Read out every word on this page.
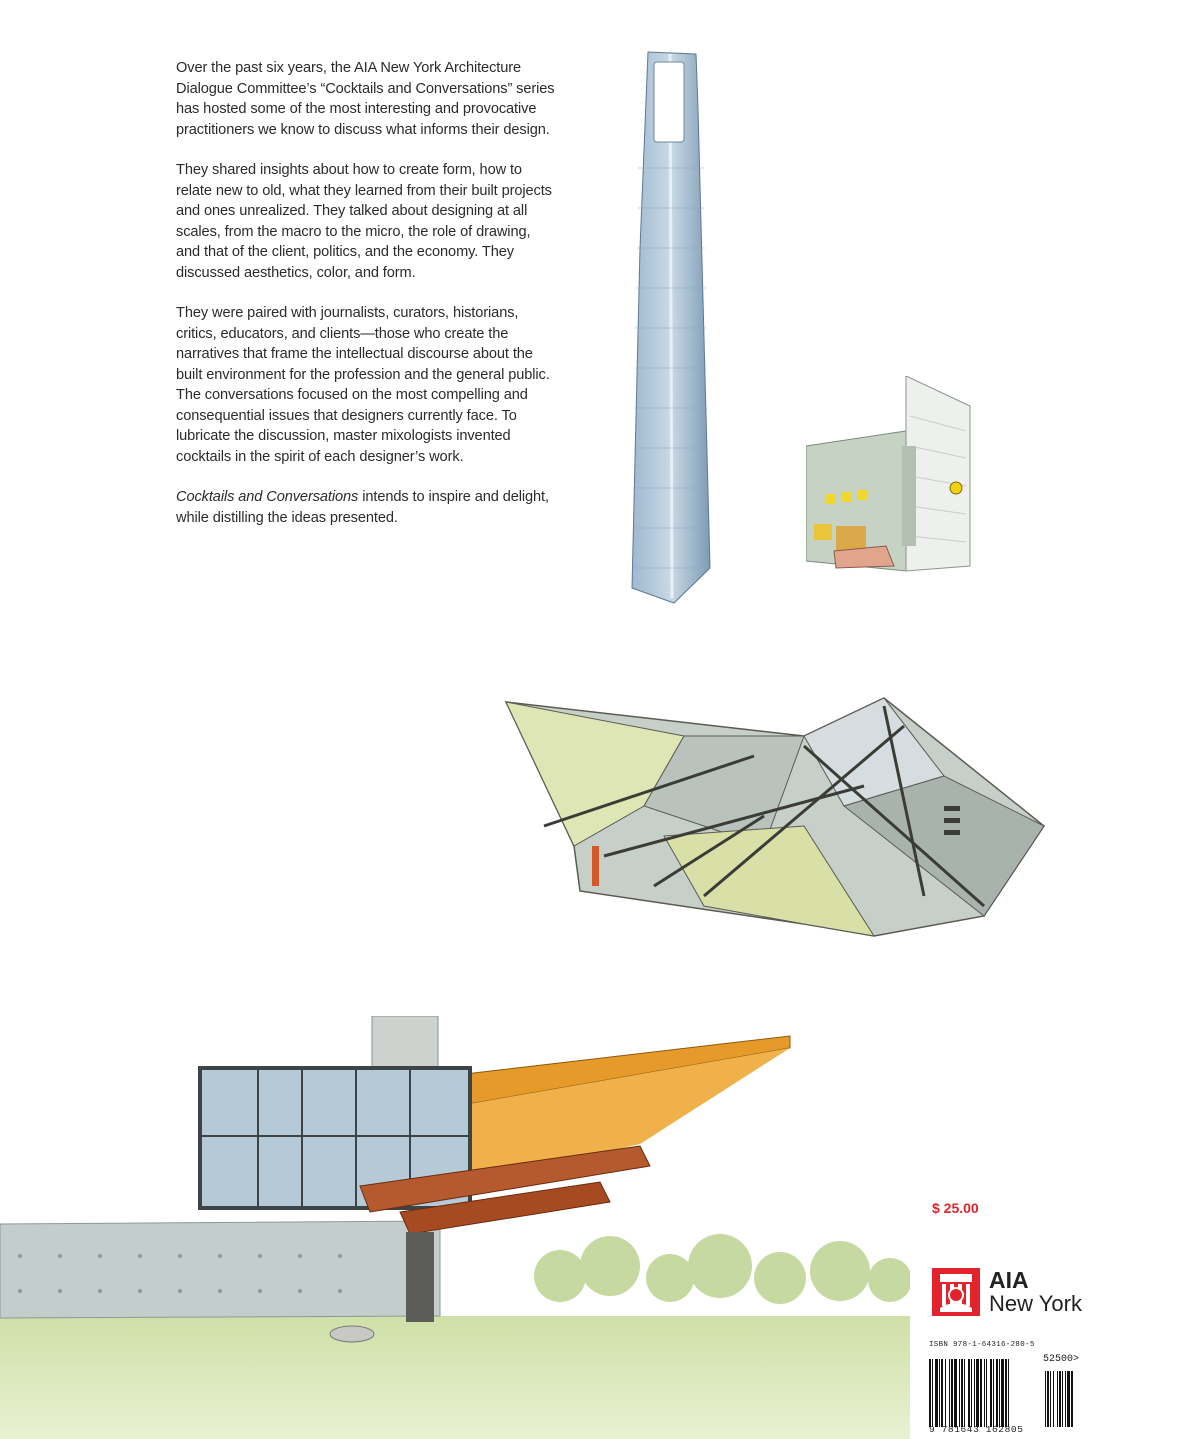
Over the past six years, the AIA New York Architecture Dialogue Committee’s “Cocktails and Conversations” series has hosted some of the most interesting and provocative practitioners we know to discuss what informs their design.

They shared insights about how to create form, how to relate new to old, what they learned from their built projects and ones unrealized. They talked about designing at all scales, from the macro to the micro, the role of drawing, and that of the client, politics, and the economy. They discussed aesthetics, color, and form.

They were paired with journalists, curators, historians, critics, educators, and clients—those who create the narratives that frame the intellectual discourse about the built environment for the profession and the general public. The conversations focused on the most compelling and consequential issues that designers currently face. To lubricate the discussion, master mixologists invented cocktails in the spirit of each designer’s work.

Cocktails and Conversations intends to inspire and delight, while distilling the ideas presented.

$ 25.00
AIA
New York
ISBN 978-1-64316-280-5
52500>
9 781643 162805
